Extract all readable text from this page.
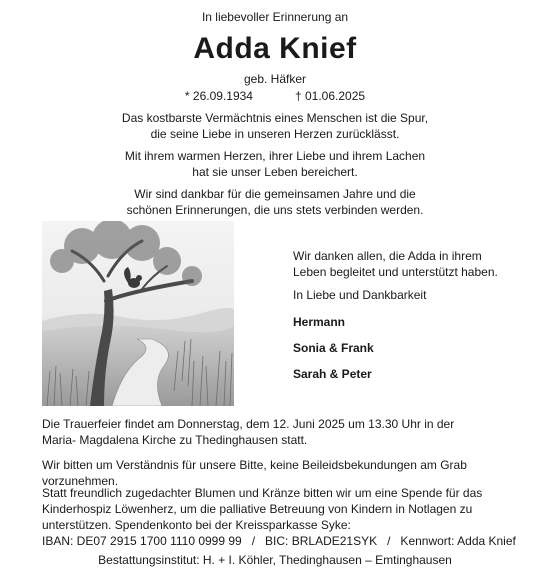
In liebevoller Erinnerung an
Adda Knief
geb. Häfker
* 26.09.1934	† 01.06.2025
Das kostbarste Vermächtnis eines Menschen ist die Spur,
die seine Liebe in unseren Herzen zurücklässt.
Mit ihrem warmen Herzen, ihrer Liebe und ihrem Lachen
hat sie unser Leben bereichert.
Wir sind dankbar für die gemeinsamen Jahre und die
schönen Erinnerungen, die uns stets verbinden werden.
Wir danken allen, die Adda in ihrem
Leben begleitet und unterstützt haben.
In Liebe und Dankbarkeit
Hermann
Sonia & Frank
Sarah & Peter
Die Trauerfeier findet am Donnerstag, dem 12. Juni 2025 um 13.30 Uhr in der
Maria- Magdalena Kirche zu Thedinghausen statt.
Wir bitten um Verständnis für unsere Bitte, keine Beileidsbekundungen am Grab vorzunehmen.
Statt freundlich zugedachter Blumen und Kränze bitten wir um eine Spende für das
Kinderhospiz Löwenherz, um die palliative Betreuung von Kindern in Notlagen zu
unterstützen. Spendenkonto bei der Kreissparkasse Syke:
IBAN: DE07 2915 1700 1110 0999 99   /   BIC: BRLADE21SYK   /   Kennwort: Adda Knief
Bestattungsinstitut: H. + I. Köhler, Thedinghausen – Emtinghausen
